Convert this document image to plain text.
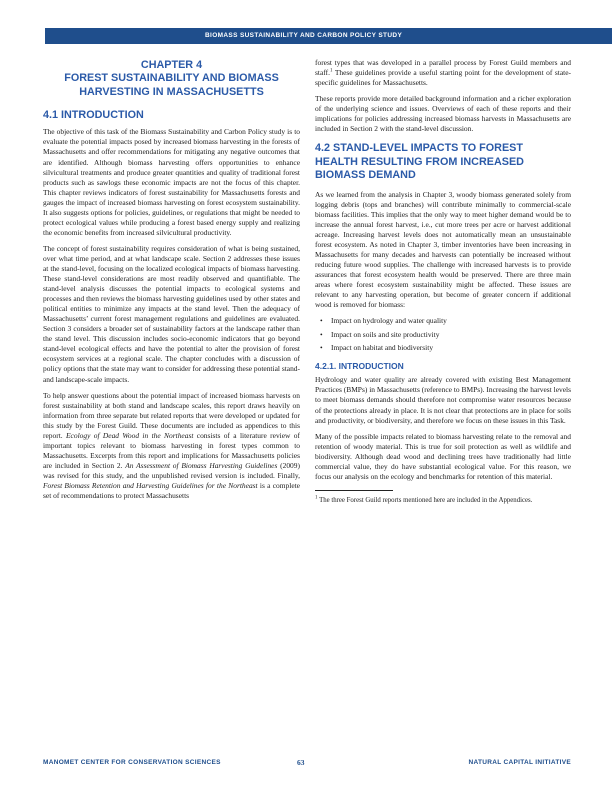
BIOMASS SUSTAINABILITY AND CARBON POLICY STUDY
CHAPTER 4
FOREST SUSTAINABILITY AND BIOMASS
HARVESTING IN MASSACHUSETTS
4.1 INTRODUCTION

The objective of this task of the Biomass Sustainability and Carbon Policy study is to evaluate the potential impacts posed by increased biomass harvesting in the forests of Massachusetts and offer recommendations for mitigating any negative outcomes that are identified. Although biomass harvesting offers opportunities to enhance silvicultural treatments and produce greater quantities and quality of traditional forest products such as sawlogs these economic impacts are not the focus of this chapter. This chapter reviews indicators of forest sustainability for Massachusetts forests and gauges the impact of increased biomass harvesting on forest ecosystem sustainability. It also suggests options for policies, guidelines, or regulations that might be needed to protect ecological values while producing a forest based energy supply and realizing the economic benefits from increased silvicultural productivity.

The concept of forest sustainability requires consideration of what is being sustained, over what time period, and at what landscape scale. Section 2 addresses these issues at the stand-level, focusing on the localized ecological impacts of biomass harvesting. These stand-level considerations are most readily observed and quantifiable. The stand-level analysis discusses the potential impacts to ecological systems and processes and then reviews the biomass harvesting guidelines used by other states and political entities to minimize any impacts at the stand level. Then the adequacy of Massachusetts’ current forest management regulations and guidelines are evaluated. Section 3 considers a broader set of sustainability factors at the landscape rather than the stand level. This discussion includes socio-economic indicators that go beyond stand-level ecological effects and have the potential to alter the provision of forest ecosystem services at a regional scale. The chapter concludes with a discussion of policy options that the state may want to consider for addressing these potential stand- and landscape-scale impacts.

To help answer questions about the potential impact of increased biomass harvests on forest sustainability at both stand and landscape scales, this report draws heavily on information from three separate but related reports that were developed or updated for this study by the Forest Guild. These documents are included as appendices to this report. Ecology of Dead Wood in the Northeast consists of a literature review of important topics relevant to biomass harvesting in forest types common to Massachusetts. Excerpts from this report and implications for Massachusetts policies are included in Section 2. An Assessment of Biomass Harvesting Guidelines (2009) was revised for this study, and the unpublished revised version is included. Finally, Forest Biomass Retention and Harvesting Guidelines for the Northeast is a complete set of recommendations to protect Massachusetts

forest types that was developed in a parallel process by Forest Guild members and staff.$^1$ These guidelines provide a useful starting point for the development of state-specific guidelines for Massachusetts.

These reports provide more detailed background information and a richer exploration of the underlying science and issues. Overviews of each of these reports and their implications for policies addressing increased biomass harvests in Massachusetts are included in Section 2 with the stand-level discussion.

4.2 STAND-LEVEL IMPACTS TO FOREST
HEALTH RESULTING FROM INCREASED
BIOMASS DEMAND

As we learned from the analysis in Chapter 3, woody biomass generated solely from logging debris (tops and branches) will contribute minimally to commercial-scale biomass facilities. This implies that the only way to meet higher demand would be to increase the annual forest harvest, i.e., cut more trees per acre or harvest additional acreage. Increasing harvest levels does not automatically mean an unsustainable forest ecosystem. As noted in Chapter 3, timber inventories have been increasing in Massachusetts for many decades and harvests can potentially be increased without reducing future wood supplies. The challenge with increased harvests is to provide assurances that forest ecosystem health would be preserved. There are three main areas where forest ecosystem sustainability might be affected. These issues are relevant to any harvesting operation, but become of greater concern if additional wood is removed for biomass:

• Impact on hydrology and water quality
• Impact on soils and site productivity
• Impact on habitat and biodiversity
4.2.1. INTRODUCTION

Hydrology and water quality are already covered with existing Best Management Practices (BMPs) in Massachusetts (reference to BMPs). Increasing the harvest levels to meet biomass demands should therefore not compromise water resources because of the protections already in place. It is not clear that protections are in place for soils and productivity, or biodiversity, and therefore we focus on these issues in this Task.

Many of the possible impacts related to biomass harvesting relate to the removal and retention of woody material. This is true for soil protection as well as wildlife and biodiversity. Although dead wood and declining trees have traditionally had little commercial value, they do have substantial ecological value. For this reason, we focus our analysis on the ecology and benchmarks for retention of this material.

$^1$ The three Forest Guild reports mentioned here are included in the Appendices.

MANOMET CENTER FOR CONSERVATION SCIENCES	63	NATURAL CAPITAL INITIATIVE
